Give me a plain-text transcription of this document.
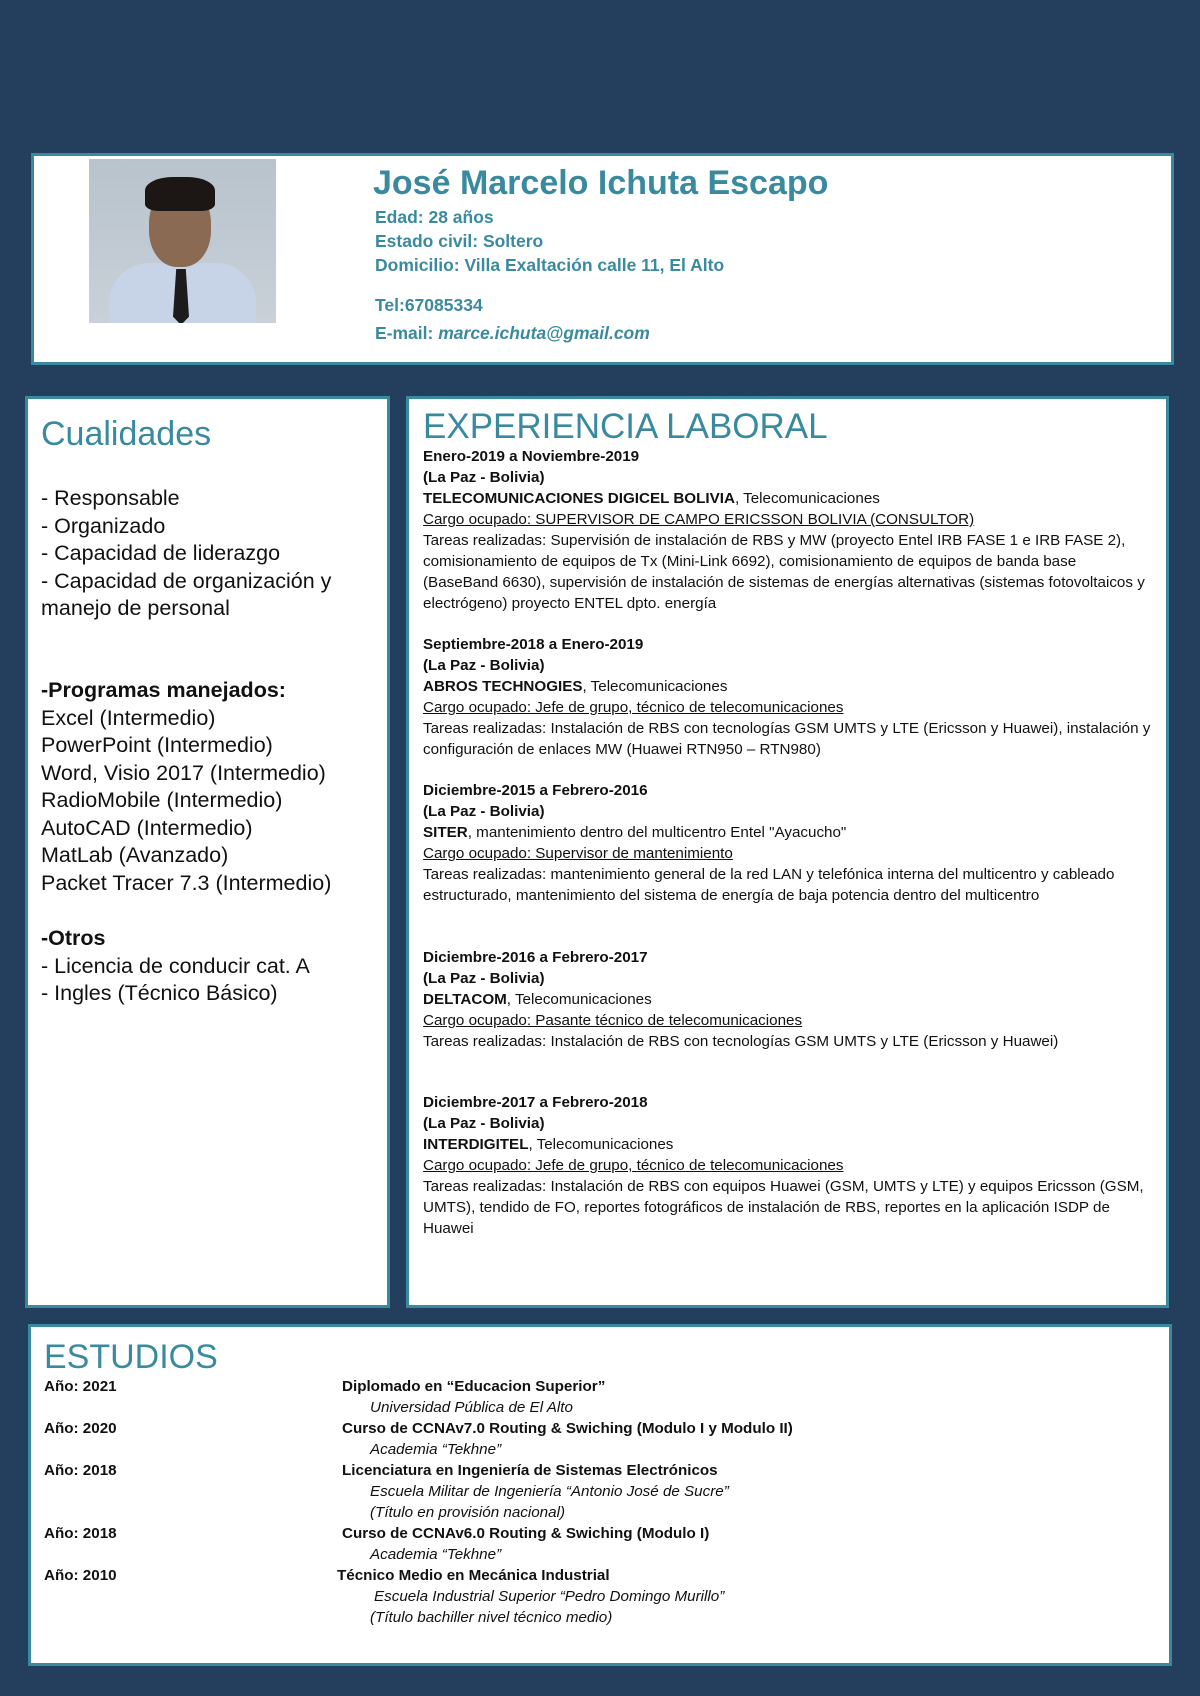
José Marcelo Ichuta Escapo
Edad: 28 años
Estado civil: Soltero
Domicilio: Villa Exaltación calle 11, El Alto
Tel:67085334
E-mail: marce.ichuta@gmail.com
Cualidades
- Responsable
- Organizado
- Capacidad de liderazgo
- Capacidad de organización y
manejo de personal
-Programas manejados:
Excel (Intermedio)
PowerPoint (Intermedio)
Word, Visio 2017 (Intermedio)
RadioMobile (Intermedio)
AutoCAD (Intermedio)
MatLab (Avanzado)
Packet Tracer 7.3 (Intermedio)
-Otros
- Licencia de conducir cat. A
- Ingles (Técnico Básico)
EXPERIENCIA LABORAL

Enero-2019 a Noviembre-2019

(La Paz - Bolivia)

TELECOMUNICACIONES DIGICEL BOLIVIA, Telecomunicaciones

Cargo ocupado: SUPERVISOR DE CAMPO ERICSSON BOLIVIA (CONSULTOR)

Tareas realizadas: Supervisión de instalación de RBS y MW (proyecto Entel IRB FASE 1 e IRB FASE 2), comisionamiento de equipos de Tx (Mini-Link 6692), comisionamiento de equipos de banda base (BaseBand 6630), supervisión de instalación de sistemas de energías alternativas (sistemas fotovoltaicos y electrógeno) proyecto ENTEL dpto. energía

Septiembre-2018 a Enero-2019

(La Paz - Bolivia)

ABROS TECHNOGIES, Telecomunicaciones

Cargo ocupado: Jefe de grupo, técnico de telecomunicaciones

Tareas realizadas: Instalación de RBS con tecnologías GSM UMTS y LTE (Ericsson y Huawei), instalación y configuración de enlaces MW (Huawei RTN950 – RTN980)

Diciembre-2015 a Febrero-2016

(La Paz - Bolivia)

SITER, mantenimiento dentro del multicentro Entel "Ayacucho"

Cargo ocupado: Supervisor de mantenimiento

Tareas realizadas: mantenimiento general de la red LAN y telefónica interna del multicentro y cableado estructurado, mantenimiento del sistema de energía de baja potencia dentro del multicentro

Diciembre-2016 a Febrero-2017

(La Paz - Bolivia)

DELTACOM, Telecomunicaciones

Cargo ocupado: Pasante técnico de telecomunicaciones

Tareas realizadas: Instalación de RBS con tecnologías GSM UMTS y LTE (Ericsson y Huawei)

Diciembre-2017 a Febrero-2018

(La Paz - Bolivia)

INTERDIGITEL, Telecomunicaciones

Cargo ocupado: Jefe de grupo, técnico de telecomunicaciones

Tareas realizadas: Instalación de RBS con equipos Huawei (GSM, UMTS y LTE) y equipos Ericsson (GSM, UMTS), tendido de FO, reportes fotográficos de instalación de RBS, reportes en la aplicación ISDP de Huawei

ESTUDIOS
Año: 2021	Diplomado en “Educacion Superior”
Universidad Pública de El Alto
Año: 2020	Curso de CCNAv7.0 Routing & Swiching (Modulo I y Modulo II)
Academia “Tekhne”
Año: 2018	Licenciatura en Ingeniería de Sistemas Electrónicos
Escuela Militar de Ingeniería “Antonio José de Sucre”
(Título en provisión nacional)
Año: 2018	Curso de CCNAv6.0 Routing & Swiching (Modulo I)
Academia “Tekhne”
Año: 2010	Técnico Medio en Mecánica Industrial
Escuela Industrial Superior “Pedro Domingo Murillo”
(Título bachiller nivel técnico medio)
